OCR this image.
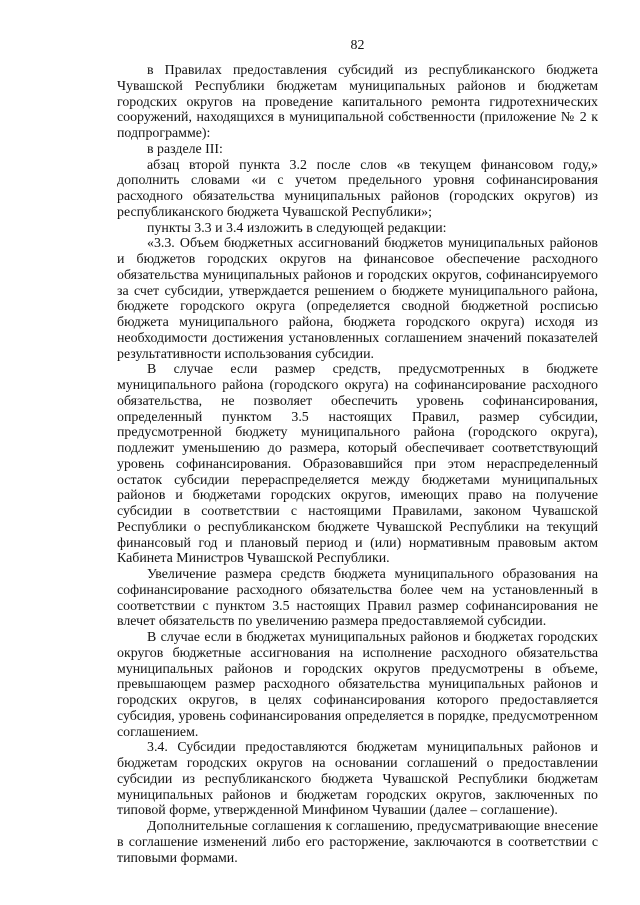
82

в Правилах предоставления субсидий из республиканского бюджета Чувашской Республики бюджетам муниципальных районов и бюджетам городских округов на проведение капитального ремонта гидротехнических сооружений, находящихся в муниципальной собственности (приложение № 2 к подпрограмме):

в разделе III:

абзац второй пункта 3.2 после слов «в текущем финансовом году,» дополнить словами «и с учетом предельного уровня софинансирования расходного обязательства муниципальных районов (городских округов) из республиканского бюджета Чувашской Республики»;

пункты 3.3 и 3.4 изложить в следующей редакции:

«3.3. Объем бюджетных ассигнований бюджетов муниципальных районов и бюджетов городских округов на финансовое обеспечение расходного обязательства муниципальных районов и городских округов, софинансируемого за счет субсидии, утверждается решением о бюджете муниципального района, бюджете городского округа (определяется сводной бюджетной росписью бюджета муниципального района, бюджета городского округа) исходя из необходимости достижения установленных соглашением значений показателей результативности использования субсидии.

В случае если размер средств, предусмотренных в бюджете муниципального района (городского округа) на софинансирование расходного обязательства, не позволяет обеспечить уровень софинансирования, определенный пунктом 3.5 настоящих Правил, размер субсидии, предусмотренной бюджету муниципального района (городского округа), подлежит уменьшению до размера, который обеспечивает соответствующий уровень софинансирования. Образовавшийся при этом нераспределенный остаток субсидии перераспределяется между бюджетами муниципальных районов и бюджетами городских округов, имеющих право на получение субсидии в соответствии с настоящими Правилами, законом Чувашской Республики о республиканском бюджете Чувашской Республики на текущий финансовый год и плановый период и (или) нормативным правовым актом Кабинета Министров Чувашской Республики.

Увеличение размера средств бюджета муниципального образования на софинансирование расходного обязательства более чем на установленный в соответствии с пунктом 3.5 настоящих Правил размер софинансирования не влечет обязательств по увеличению размера предоставляемой субсидии.

В случае если в бюджетах муниципальных районов и бюджетах городских округов бюджетные ассигнования на исполнение расходного обязательства муниципальных районов и городских округов предусмотрены в объеме, превышающем размер расходного обязательства муниципальных районов и городских округов, в целях софинансирования которого предоставляется субсидия, уровень софинансирования определяется в порядке, предусмотренном соглашением.

3.4. Субсидии предоставляются бюджетам муниципальных районов и бюджетам городских округов на основании соглашений о предоставлении субсидии из республиканского бюджета Чувашской Республики бюджетам муниципальных районов и бюджетам городских округов, заключенных по типовой форме, утвержденной Минфином Чувашии (далее – соглашение).

Дополнительные соглашения к соглашению, предусматривающие внесение в соглашение изменений либо его расторжение, заключаются в соответствии с типовыми формами.
